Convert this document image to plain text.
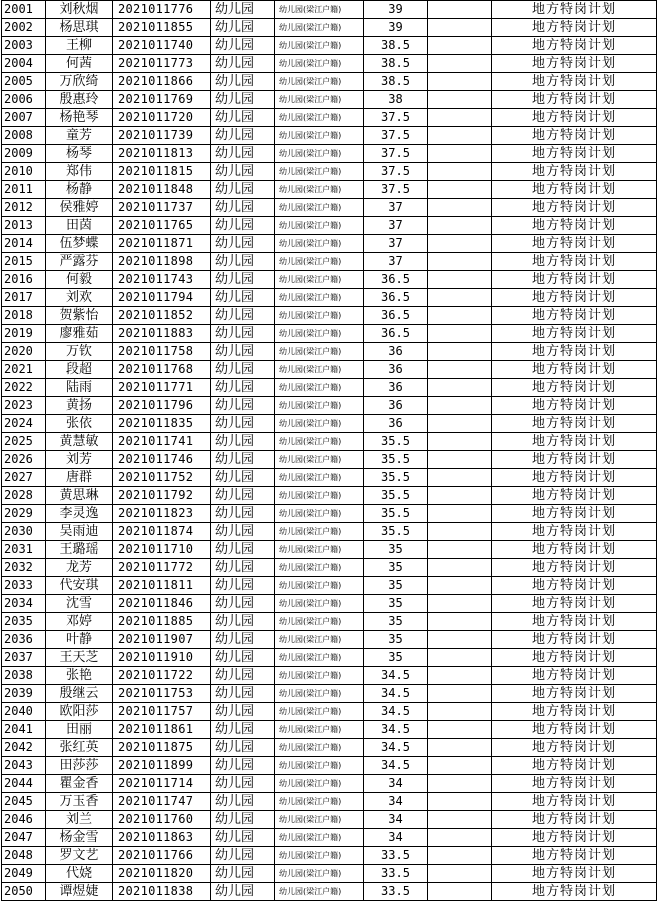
2001	刘秋烟	2021011776	幼儿园	幼儿园(梁江户籍)	39		地方特岗计划
2002	杨思琪	2021011855	幼儿园	幼儿园(梁江户籍)	39		地方特岗计划
2003	王柳	2021011740	幼儿园	幼儿园(梁江户籍)	38.5		地方特岗计划
2004	何茜	2021011773	幼儿园	幼儿园(梁江户籍)	38.5		地方特岗计划
2005	万欣绮	2021011866	幼儿园	幼儿园(梁江户籍)	38.5		地方特岗计划
2006	殷惠玲	2021011769	幼儿园	幼儿园(梁江户籍)	38		地方特岗计划
2007	杨艳琴	2021011720	幼儿园	幼儿园(梁江户籍)	37.5		地方特岗计划
2008	童芳	2021011739	幼儿园	幼儿园(梁江户籍)	37.5		地方特岗计划
2009	杨琴	2021011813	幼儿园	幼儿园(梁江户籍)	37.5		地方特岗计划
2010	郑伟	2021011815	幼儿园	幼儿园(梁江户籍)	37.5		地方特岗计划
2011	杨静	2021011848	幼儿园	幼儿园(梁江户籍)	37.5		地方特岗计划
2012	侯雅婷	2021011737	幼儿园	幼儿园(梁江户籍)	37		地方特岗计划
2013	田茵	2021011765	幼儿园	幼儿园(梁江户籍)	37		地方特岗计划
2014	伍梦蝶	2021011871	幼儿园	幼儿园(梁江户籍)	37		地方特岗计划
2015	严露芬	2021011898	幼儿园	幼儿园(梁江户籍)	37		地方特岗计划
2016	何毅	2021011743	幼儿园	幼儿园(梁江户籍)	36.5		地方特岗计划
2017	刘欢	2021011794	幼儿园	幼儿园(梁江户籍)	36.5		地方特岗计划
2018	贺紫怡	2021011852	幼儿园	幼儿园(梁江户籍)	36.5		地方特岗计划
2019	廖雅茹	2021011883	幼儿园	幼儿园(梁江户籍)	36.5		地方特岗计划
2020	万钦	2021011758	幼儿园	幼儿园(梁江户籍)	36		地方特岗计划
2021	段超	2021011768	幼儿园	幼儿园(梁江户籍)	36		地方特岗计划
2022	陆雨	2021011771	幼儿园	幼儿园(梁江户籍)	36		地方特岗计划
2023	黄扬	2021011796	幼儿园	幼儿园(梁江户籍)	36		地方特岗计划
2024	张依	2021011835	幼儿园	幼儿园(梁江户籍)	36		地方特岗计划
2025	黄慧敏	2021011741	幼儿园	幼儿园(梁江户籍)	35.5		地方特岗计划
2026	刘芳	2021011746	幼儿园	幼儿园(梁江户籍)	35.5		地方特岗计划
2027	唐群	2021011752	幼儿园	幼儿园(梁江户籍)	35.5		地方特岗计划
2028	黄思琳	2021011792	幼儿园	幼儿园(梁江户籍)	35.5		地方特岗计划
2029	李灵逸	2021011823	幼儿园	幼儿园(梁江户籍)	35.5		地方特岗计划
2030	吴雨迪	2021011874	幼儿园	幼儿园(梁江户籍)	35.5		地方特岗计划
2031	王璐瑶	2021011710	幼儿园	幼儿园(梁江户籍)	35		地方特岗计划
2032	龙芳	2021011772	幼儿园	幼儿园(梁江户籍)	35		地方特岗计划
2033	代安琪	2021011811	幼儿园	幼儿园(梁江户籍)	35		地方特岗计划
2034	沈雪	2021011846	幼儿园	幼儿园(梁江户籍)	35		地方特岗计划
2035	邓婷	2021011885	幼儿园	幼儿园(梁江户籍)	35		地方特岗计划
2036	叶静	2021011907	幼儿园	幼儿园(梁江户籍)	35		地方特岗计划
2037	王天芝	2021011910	幼儿园	幼儿园(梁江户籍)	35		地方特岗计划
2038	张艳	2021011722	幼儿园	幼儿园(梁江户籍)	34.5		地方特岗计划
2039	殷继云	2021011753	幼儿园	幼儿园(梁江户籍)	34.5		地方特岗计划
2040	欧阳莎	2021011757	幼儿园	幼儿园(梁江户籍)	34.5		地方特岗计划
2041	田丽	2021011861	幼儿园	幼儿园(梁江户籍)	34.5		地方特岗计划
2042	张红英	2021011875	幼儿园	幼儿园(梁江户籍)	34.5		地方特岗计划
2043	田莎莎	2021011899	幼儿园	幼儿园(梁江户籍)	34.5		地方特岗计划
2044	瞿金香	2021011714	幼儿园	幼儿园(梁江户籍)	34		地方特岗计划
2045	万玉香	2021011747	幼儿园	幼儿园(梁江户籍)	34		地方特岗计划
2046	刘兰	2021011760	幼儿园	幼儿园(梁江户籍)	34		地方特岗计划
2047	杨金雪	2021011863	幼儿园	幼儿园(梁江户籍)	34		地方特岗计划
2048	罗文艺	2021011766	幼儿园	幼儿园(梁江户籍)	33.5		地方特岗计划
2049	代娆	2021011820	幼儿园	幼儿园(梁江户籍)	33.5		地方特岗计划
2050	谭煜婕	2021011838	幼儿园	幼儿园(梁江户籍)	33.5		地方特岗计划
